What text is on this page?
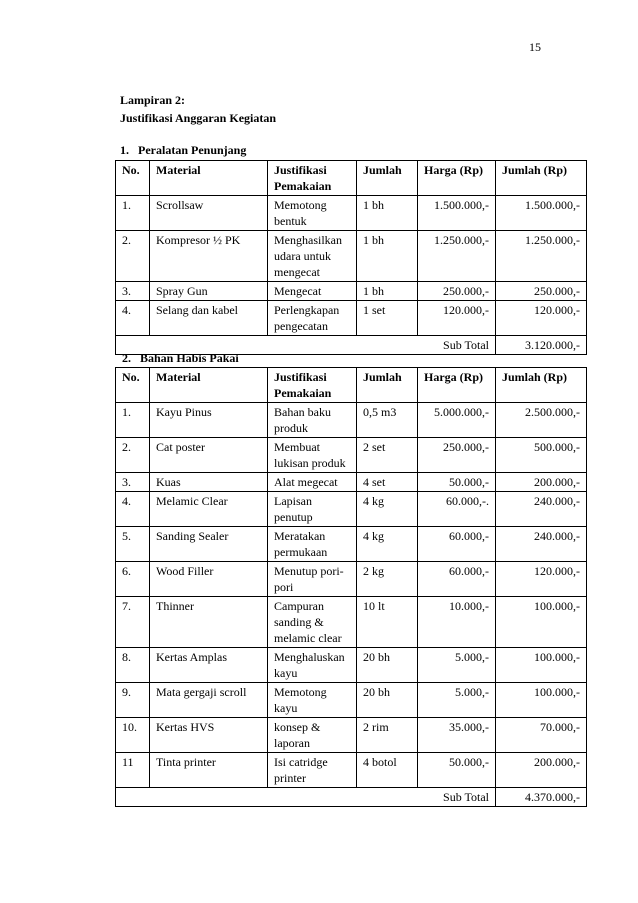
15
Lampiran 2:
Justifikasi Anggaran Kegiatan
1.   Peralatan Penunjang
No.	Material	Justifikasi Pemakaian	Jumlah	Harga (Rp)	Jumlah (Rp)
1.	Scrollsaw	Memotong bentuk	1 bh	1.500.000,-	1.500.000,-
2.	Kompresor ½ PK	Menghasilkan udara untuk mengecat	1 bh	1.250.000,-	1.250.000,-
3.	Spray Gun	Mengecat	1 bh	250.000,-	250.000,-
4.	Selang dan kabel	Perlengkapan pengecatan	1 set	120.000,-	120.000,-
Sub Total					3.120.000,-
2.   Bahan Habis Pakai
No.	Material	Justifikasi Pemakaian	Jumlah	Harga (Rp)	Jumlah (Rp)
1.	Kayu Pinus	Bahan baku produk	0,5 m3	5.000.000,-	2.500.000,-
2.	Cat poster	Membuat lukisan produk	2 set	250.000,-	500.000,-
3.	Kuas	Alat megecat	4 set	50.000,-	200.000,-
4.	Melamic Clear	Lapisan penutup	4 kg	60.000,-.	240.000,-
5.	Sanding Sealer	Meratakan permukaan	4 kg	60.000,-	240.000,-
6.	Wood Filler	Menutup pori-pori	2 kg	60.000,-	120.000,-
7.	Thinner	Campuran sanding & melamic clear	10 lt	10.000,-	100.000,-
8.	Kertas Amplas	Menghaluskan kayu	20 bh	5.000,-	100.000,-
9.	Mata gergaji scroll	Memotong kayu	20 bh	5.000,-	100.000,-
10.	Kertas HVS	konsep & laporan	2 rim	35.000,-	70.000,-
11	Tinta printer	Isi catridge printer	4 botol	50.000,-	200.000,-
Sub Total					4.370.000,-
